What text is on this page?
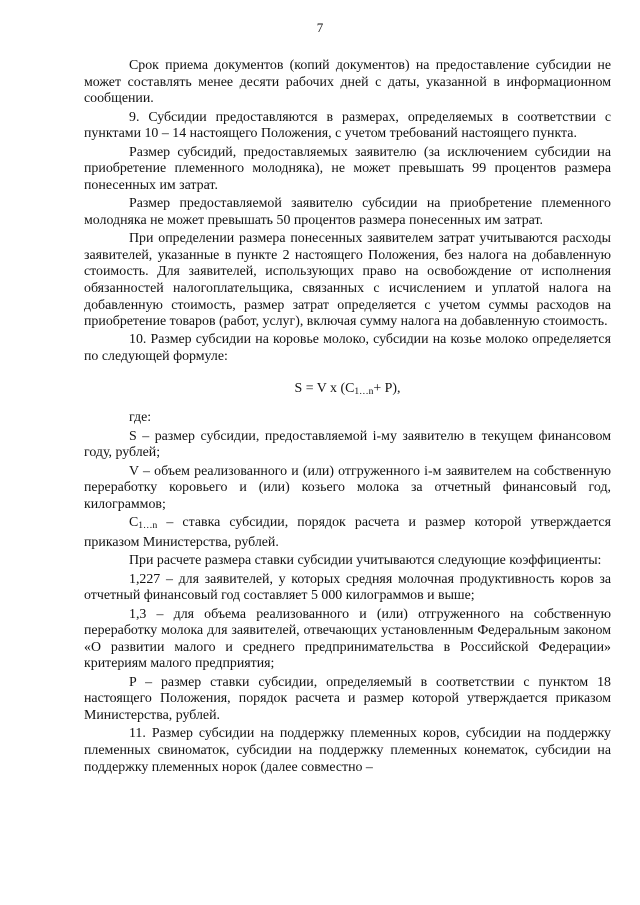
7

Срок приема документов (копий документов) на предоставление субсидии не может составлять менее десяти рабочих дней с даты, указанной в информационном сообщении.

9. Субсидии предоставляются в размерах, определяемых в соответствии с пунктами 10 – 14 настоящего Положения, с учетом требований настоящего пункта.

Размер субсидий, предоставляемых заявителю (за исключением субсидии на приобретение племенного молодняка), не может превышать 99 процентов размера понесенных им затрат.

Размер предоставляемой заявителю субсидии на приобретение племенного молодняка не может превышать 50 процентов размера понесенных им затрат.

При определении размера понесенных заявителем затрат учитываются расходы заявителей, указанные в пункте 2 настоящего Положения, без налога на добавленную стоимость. Для заявителей, использующих право на освобождение от исполнения обязанностей налогоплательщика, связанных с исчислением и уплатой налога на добавленную стоимость, размер затрат определяется с учетом суммы расходов на приобретение товаров (работ, услуг), включая сумму налога на добавленную стоимость.

10. Размер субсидии на коровье молоко, субсидии на козье молоко определяется по следующей формуле:

S = V x $(C_{1\dots n}+ P)$,

где:

S – размер субсидии, предоставляемой i-му заявителю в текущем финансовом году, рублей;

V – объем реализованного и (или) отгруженного i-м заявителем на собственную переработку коровьего и (или) козьего молока за отчетный финансовый год, килограммов;

$C_{1\dots n}$ – ставка субсидии, порядок расчета и размер которой утверждается приказом Министерства, рублей.

При расчете размера ставки субсидии учитываются следующие коэффициенты:

1,227 – для заявителей, у которых средняя молочная продуктивность коров за отчетный финансовый год составляет 5 000 килограммов и выше;

1,3 – для объема реализованного и (или) отгруженного на собственную переработку молока для заявителей, отвечающих установленным Федеральным законом «О развитии малого и среднего предпринимательства в Российской Федерации» критериям малого предприятия;

P – размер ставки субсидии, определяемый в соответствии с пунктом 18 настоящего Положения, порядок расчета и размер которой утверждается приказом Министерства, рублей.

11. Размер субсидии на поддержку племенных коров, субсидии на поддержку племенных свиноматок, субсидии на поддержку племенных конематок, субсидии на поддержку племенных норок (далее совместно –
